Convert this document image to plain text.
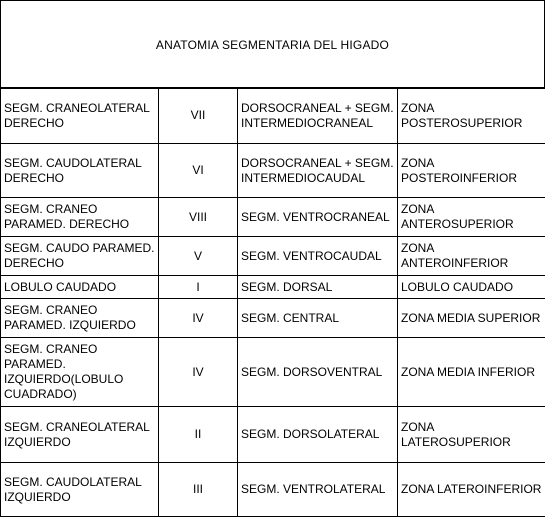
ANATOMIA SEGMENTARIA DEL HIGADO
SEGM. CRANEOLATERAL DERECHO	VII	DORSOCRANEAL + SEGM. INTERMEDIOCRANEAL	ZONA POSTEROSUPERIOR
SEGM. CAUDOLATERAL DERECHO	VI	DORSOCRANEAL + SEGM. INTERMEDIOCAUDAL	ZONA POSTEROINFERIOR
SEGM. CRANEO PARAMED. DERECHO	VIII	SEGM. VENTROCRANEAL	ZONA ANTEROSUPERIOR
SEGM. CAUDO PARAMED. DERECHO	V	SEGM. VENTROCAUDAL	ZONA ANTEROINFERIOR
LOBULO CAUDADO	I	SEGM. DORSAL	LOBULO CAUDADO
SEGM. CRANEO PARAMED. IZQUIERDO	IV	SEGM. CENTRAL	ZONA MEDIA SUPERIOR
SEGM. CRANEO PARAMED. IZQUIERDO(LOBULO CUADRADO)	IV	SEGM. DORSOVENTRAL	ZONA MEDIA INFERIOR
SEGM. CRANEOLATERAL IZQUIERDO	II	SEGM. DORSOLATERAL	ZONA LATEROSUPERIOR
SEGM. CAUDOLATERAL IZQUIERDO	III	SEGM. VENTROLATERAL	ZONA LATEROINFERIOR
